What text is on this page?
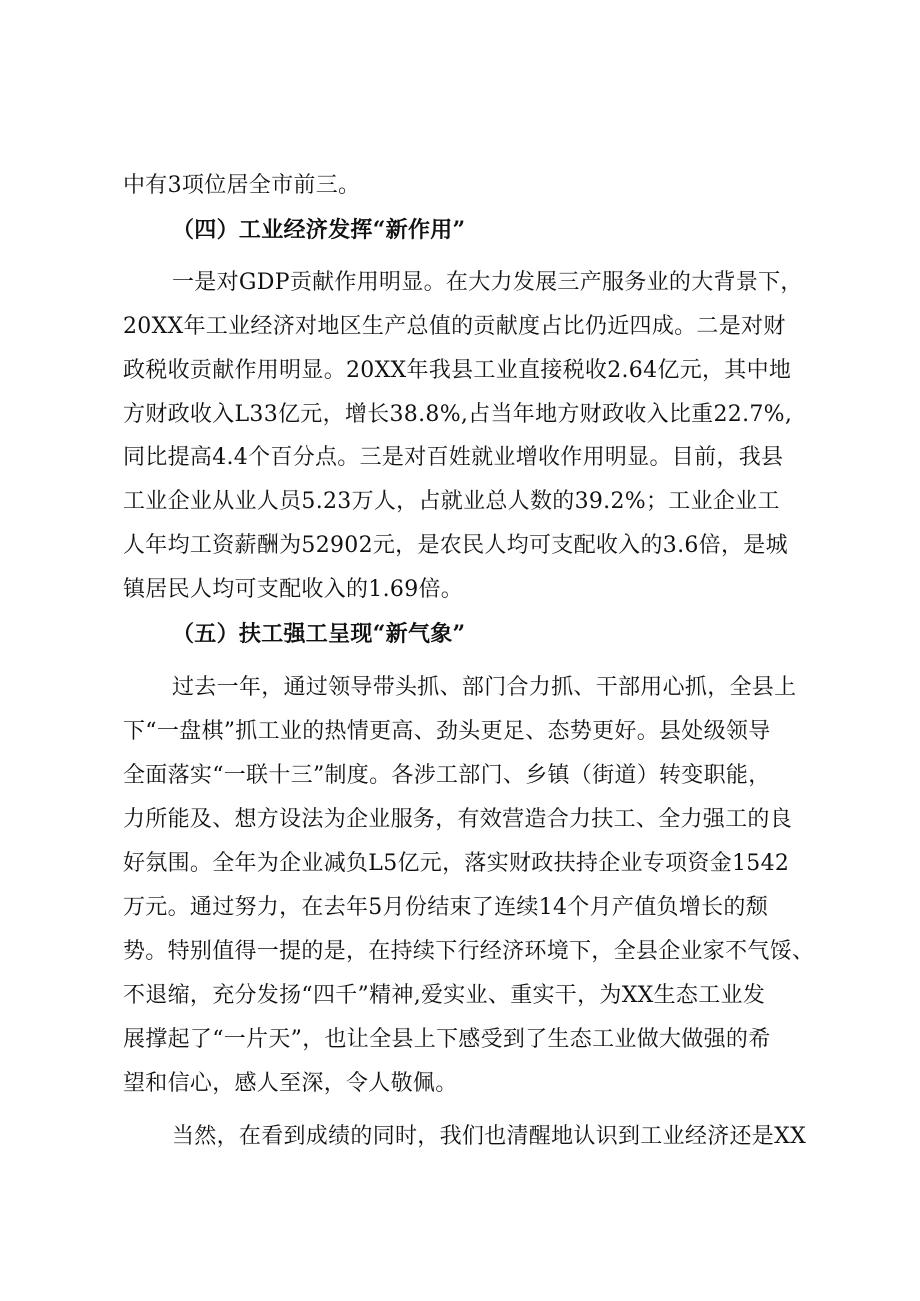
中有3项位居全市前三。
（四）工业经济发挥“新作用”
一是对GDP贡献作用明显。在大力发展三产服务业的大背景下，
20XX年工业经济对地区生产总值的贡献度占比仍近四成。二是对财
政税收贡献作用明显。20XX年我县工业直接税收2.64亿元，其中地
方财政收入L33亿元，增长38.8%,占当年地方财政收入比重22.7%,
同比提高4.4个百分点。三是对百姓就业增收作用明显。目前，我县
工业企业从业人员5.23万人，占就业总人数的39.2%；工业企业工
人年均工资薪酬为52902元，是农民人均可支配收入的3.6倍，是城
镇居民人均可支配收入的1.69倍。
（五）扶工强工呈现“新气象”
过去一年，通过领导带头抓、部门合力抓、干部用心抓，全县上
下“一盘棋”抓工业的热情更高、劲头更足、态势更好。县处级领导
全面落实“一联十三”制度。各涉工部门、乡镇（街道）转变职能，
力所能及、想方设法为企业服务，有效营造合力扶工、全力强工的良
好氛围。全年为企业减负L5亿元，落实财政扶持企业专项资金1542
万元。通过努力，在去年5月份结束了连续14个月产值负增长的颓
势。特别值得一提的是，在持续下行经济环境下，全县企业家不气馁、
不退缩，充分发扬“四千”精神,爱实业、重实干，为XX生态工业发
展撑起了“一片天”，也让全县上下感受到了生态工业做大做强的希
望和信心，感人至深，令人敬佩。
当然，在看到成绩的同时，我们也清醒地认识到工业经济还是XX
